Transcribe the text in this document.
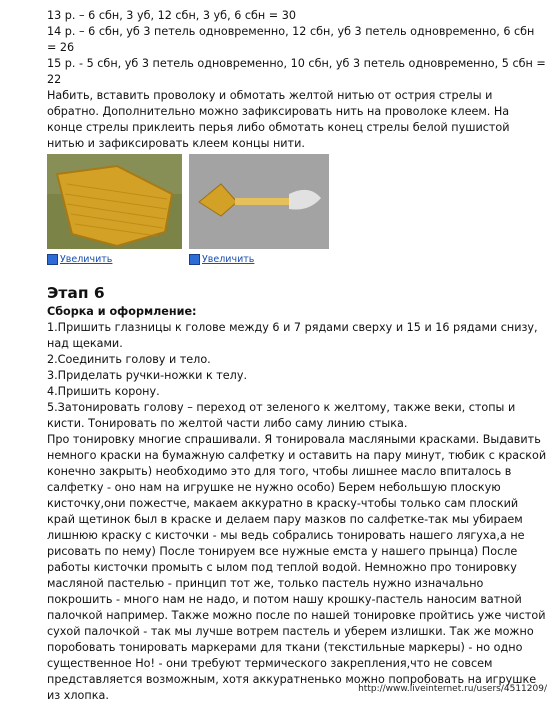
13 р. – 6 сбн, 3 уб, 12 сбн, 3 уб, 6 сбн = 30

14 р. – 6 сбн, уб 3 петель одновременно, 12 сбн, уб 3 петель одновременно, 6 сбн = 26

15 р. - 5 сбн, уб 3 петель одновременно, 10 сбн, уб 3 петель одновременно, 5 сбн = 22

Набить, вставить проволоку и обмотать желтой нитью от острия стрелы и обратно. Дополнительно можно зафиксировать нить на проволоке клеем. На конце стрелы приклеить перья либо обмотать конец стрелы белой пушистой нитью и зафиксировать клеем концы нити.

Увеличить	Увеличить
Этап 6

Сборка и оформление:

1.Пришить глазницы к голове между 6 и 7 рядами сверху и 15 и 16 рядами снизу, над щеками.

2.Соединить голову и тело.

3.Приделать ручки-ножки к телу.

4.Пришить корону.

5.Затонировать голову – переход от зеленого к желтому, также веки, стопы и кисти. Тонировать по желтой части либо саму линию стыка.

Про тонировку многие спрашивали. Я тонировала масляными красками. Выдавить немного краски на бумажную салфетку и оставить на пару минут, тюбик с краской конечно закрыть) необходимо это для того, чтобы лишнее масло впиталось в салфетку - оно нам на игрушке не нужно особо) Берем небольшую плоскую кисточку,они пожестче, макаем аккуратно в краску-чтобы только сам плоский край щетинок был в краске и делаем пару мазков по салфетке-так мы убираем лишнюю краску с кисточки - мы ведь собрались тонировать нашего лягуха,а не рисовать по нему) После тонируем все нужные емста у нашего прынца) После работы кисточки промыть с ылом под теплой водой. Немножно про тонировку масляной пастелью - принцип тот же, только пастель нужно изначально покрошить - много нам не надо, и потом нашу крошку-пастель наносим ватной палочкой например. Также можно после по нашей тонировке пройтись уже чистой сухой палочкой - так мы лучше вотрем пастель и уберем излишки. Так же можно поробовать тонировать маркерами для ткани (текстильные маркеры) - но одно существенное Но! - они требуют термического закрепления,что не совсем представляется возможным, хотя аккуратненько можно попробовать на игрушке из хлопка.	http://www.liveinternet.ru/users/4511209/
